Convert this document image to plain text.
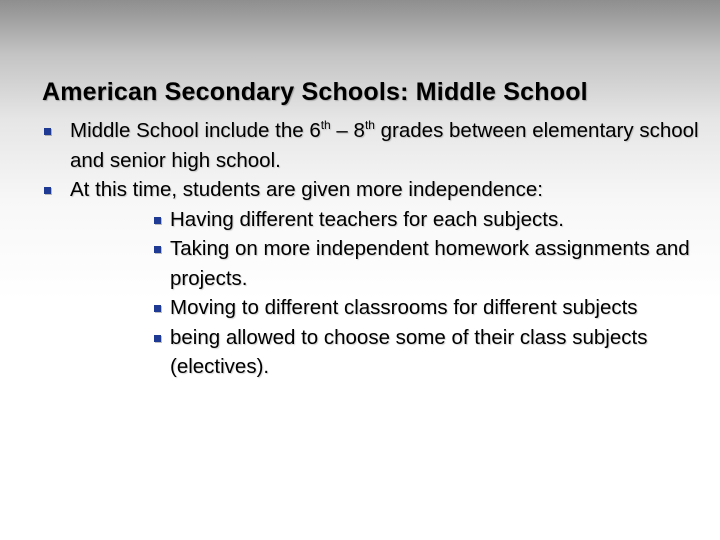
American Secondary Schools: Middle School

Middle School include the 6th – 8th grades between elementary school and senior high school.

At this time, students are given more independence:

Having different teachers for each subjects.

Taking on more independent homework assignments and projects.

Moving to different classrooms for different subjects

being allowed to choose some of their class subjects (electives).
